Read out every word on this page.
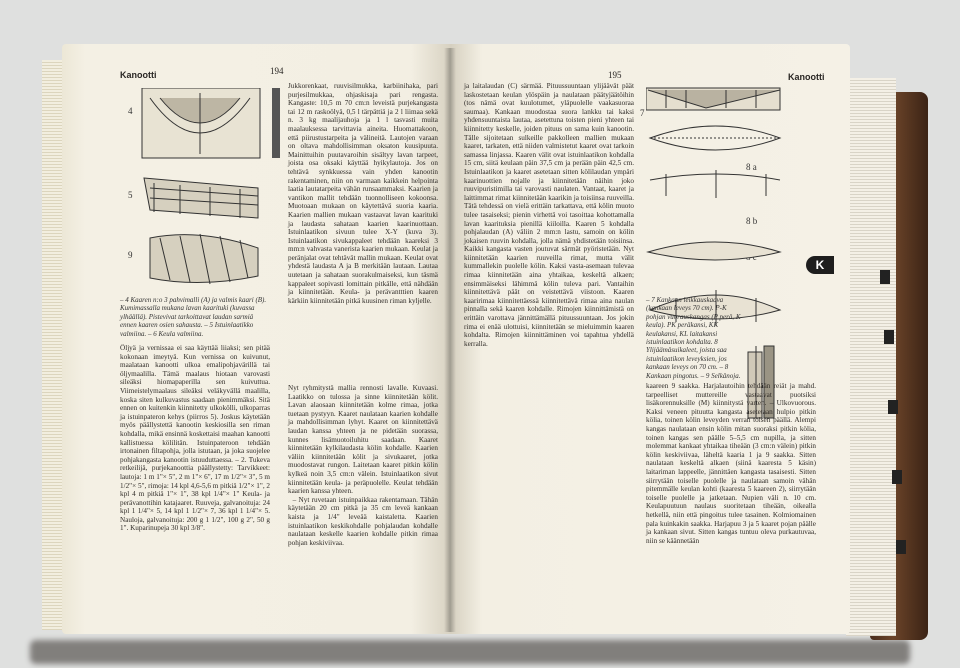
Kanootti	194
4
5
9
– 4 Kaaren n:o 3 pahvimalli (A) ja valmis kaari (B). Kumimassalla mukana lavan kaarituki (kuvassa ylhäällä). Pistevivat tarkoittavat laudan sarmiä ennen kaaren osien sahausta. – 5 Istuinlaatikko valmiina. – 6 Keula valmiina.
Öljyä ja vernissaa ei saa käyttää liiaksi; sen pitää kokonaan imeytyä. Kun vernissa on kuivunut, maalataan kanootti ulkoa emalipohjavärillä tai öljymaalilla. Tämä maalaus hiotaan varovasti sileäksi hiomapaperilla sen kuivuttua. Viimeistelymaalaus sileäksi veläkyvällä maalilla, koska siten kulkuvastus saadaan pienimmäksi. Sitä ennen on kuitenkin kiinnitetty ulkokölli, ulkoparras ja istuinpateron kehys (piirros 5). Joskus käytetään myös päällystettä kanootin keskiosilla sen riman kohdalla, mikä ensinnä koskettaisi maahan kanootti kallistuessa kölilitän. Istuinpateroon tehdään irtonainen filtapohja, jolla istutaan, ja joka suojelee pohjakangasta kanootin istuuduttaessa. – 2. Tukeva retkeilijä, purjekanoottia päällystetty: Tarvikkeet: lautoja: 1 m 1"× 5", 2 m 1"× 6", 17 m 1/2"× 3", 5 m 1/2"× 5", rimoja: 14 kpl 4,6-5,6 m pitkiä 1/2"× 1", 2 kpl 4 m pitkiä 1"× 1", 38 kpl 1/4"× 1" Keula- ja perävanottihin katajaaret. Ruuveja, galvanoituja: 24 kpl 1 1/4"× 5, 14 kpl 1 1/2"× 7, 36 kpl 1 1/4"× 5. Nauloja, galvanoituja: 200 g 1 1/2", 100 g 2", 50 g 1". Kuparinupeja 30 kpl 3/8".
Jukkorenkaat, ruuvisilmukka, karbiinihaka, pari purjesilmukkaa, ohjaskisaja pari rengasta. Kangaste: 10,5 m 70 cm:n leveistä purjekangasta tai 12 m raskoölyä, 0,5 l tärpättiä ja 2 l liimaa sekä n. 3 kg maalijauhoja ja 1 l tasvasti muita maalauksessa tarvittavia aineita. Huomattakoon, että piirustustarpeita ja välineitä. Lautojen varaan on oltava mahdollisimman oksaton kuusipuuta. Mainittuihin puutavaroihin sisältyy lavan tarpeet, joista osa oksaki käyttää hyikylautoja. Jos on tehtävä synkkuessa vain yhden kanootin rakentaminen, niin on varmaan kaikkein helpointa laatia lautatarpeita vähän runsaammaksi. Kaarien ja vantikon mallit tehdään tuonnolliseen kokoonsa. Muotoaan mukaan on käytettävä suoria kaaria. Kaarien mallien mukaan vastaavat lavan kaarituki ja laudasta sahataan kaarien kaarinuottaan. Istuinlaatikon sivuun tulee X-Y (kuva 3). Istuinlaatikon sivukappaleet tehdään kaareksi 3 mm:n vahvasta vanerista kaarien mukaan. Keulat ja peränjalat ovat tehtävät mallin mukaan. Keulat ovat yhdestä laudasta A ja B merkitään lautaan. Lautaa uutetaan ja sahataan suorakulmaiseksi, kun täsmä kappaleet sopivasti lomittain pitkälle, että nähdään ja kiinnitetään. Keula- ja perävantttien kaaren kärkiin kiinnitetään pitkä kuusinen riman kyljelle.
Nyt ryhmitystä mallia rennosti lavalle. Kuvaasi. Laatikko on tulossa ja sinne kiinnitetään kölit. Lavan alaosaan kiinnitetään kolme rimaa, jotka tuetaan pystyyn. Kaaret naulataan kaarien kohdalle ja mahdollisimman lyhyt. Kaaret on kiinnitettävä laudan kanssa yhteen ja ne pidetään suorassa, kunnes lisämuotoiluhitu saadaan. Kaaret kiinnitetään kylkilaudasta kölin kohdalle. Kaarien väliin kiinnitetään kölit ja sivukaaret, jotka muodostavat rungon. Laitetaan kaaret pitkin kölin kylkeä noin 3,5 cm:n välein. Istuinlaatikon sivut kiinnitetään keula- ja peräpuolelle. Keulat tehdään kaarien kanssa yhteen.
– Nyt ruvetaan istuinpaikkaa rakentamaan. Tähän käytetään 20 cm pitkä ja 35 cm leveä kankaan kaista ja 1/4" leveää kaistaletta. Kaarien istuinlaatikon keskikohdalle pohjalaudan kohdalle naulataan keskelle kaarien kohdalle pitkin rimaa pohjan keskiviivaa.
195	Kanootti
ja laitalaudan (C) särmää. Pituussuuntaan ylijäävät päät laskostetaan keulan ylöspäin ja naulataan päätyjäätöihin (tos nämä ovat kuulotumet, yläpuolelle vaakasuoraa saumaa). Kankaan muodostaa suora lankku tai kaksi yhdensuuntaista lautaa, asetettuna toisten pieni yhteen tai kiinnitetty keskelle, joiden pituus on sama kuin kanootin. Tälle sijoitetaan sulkeille pakkolleen mallien mukaan kaaret, tarkaten, että niiden valmistetut kaaret ovat tarkoin samassa linjassa. Kaaren välit ovat istuinlaatikon kohdalla 15 cm, siitä keulaan päin 37,5 cm ja perään päin 42,5 cm. Istuinlaatikon ja kaaret asetetaan sitten kölilaudan ympäri kaarinuottien nojalle ja kiinnitetään näihin joko ruuvipuristimilla tai varovasti naulaten. Vantaat, kaaret ja laittimmat rimat kiinnitetään kaarikin ja toisiinsa ruuveilla. Tätä tehdessä on vielä erittäin tarkattava, että kölin muoto tulee tasaiseksi; pienin virhettä voi tasoittaa kohottamalla lavan kaarituksia pienillä kiiloilla. Kaaren 5 kohdalla pohjalaudan (A) väliin 2 mm:n lastu, samoin on kölin jokaisen ruuvin kohdalla, jolla nämä yhdistetään toisiinsa. Kaikki kangasta vasten joutuvat särmät pyöristetään. Nyt kiinnitetään kaarien ruuveilla rimat, mutta välit kummallekin puolelle kölin. Kaksi vasta-asemaan tulevaa rimaa kiinnitetään aina yhtaikaa, keskeltä alkaen; ensimmäiseksi lähimmä kölin tuleva pari. Vantaihin kiinnitettävä päät on veistettävä viistoon. Kaaren kaaririmaa kiinnitettäessä kiinnitettävä rimaa aina naulan pinnalla sekä kaaren kohdalle. Rimojen kiinnittämistä on erittäin varottava jännittämällä pituussuuntaan. Jos jokin rima ei enää ulottuisi, kiinnitetään se mieluimmin kaaren kohdalta. Rimojen kiinnittäminen voi tapahtua yhdellä kerralla.
7
8 a
8 b
– 7 Kankaan leikkauskaava (kankaan leveys 70 cm). P-K pohjan vuorauskangas (P perä, K keula). PK peräkansi, KK keulakansi, KL laitakansi istuinlaatikon kohdalta. 8 Ylijäämäsuikaleet, joista saa istuinlaatikon leveyksien, jos kankaan leveys on 70 cm. – 8 Kankaan pingotus. – 9 Selkänoja.
kaareen 9 saakka. Harjalautoihin tehdään reiät ja mahd. tarpeelliset muttereille vastaavat puotsiksi lisäkorennuksille (M) kiinnitystä varten. – Ulkovuorous. Kaksi veneen pituutta kangasta asetetaan hulpio pitkin kölia, toinen kölin leveyden verran toisen päällä. Alempi kangas naulataan ensin kölin mitan suoraksi pitkin kölia, toinen kangas sen päälle 5–5,5 cm nupilla, ja sitten molemmat kankaat yhtaikaa tiheään (3 cm:n välein) pitkin kölin keskiviivaa, läheltä kaaria 1 ja 9 saakka. Sitten naulataan keskeltä alkaen (siinä kaaresta 5 käsin) laitariman lappeelle, jännittäen kangasta tasaisesti. Sitten siirrytään toiselle puolelle ja naulataan samoin vähän pitemmälle keulan kohti (kaaresta 5 kaareen 2), siirrytään toiselle puolelle ja jatketaan. Nupien väli n. 10 cm. Keulapuutuun naulaus suoritetaan tiheään, oikealla hetkellä, niin että pingoitus tulee tasainen. Kolmiomainen pala kuinkakin saakka. Harjapuu 3 ja 5 kaaret pojan päälle ja kankaan sivut. Sitten kangas tuntuu oleva purkautuvaa, niin se käännetään
K
